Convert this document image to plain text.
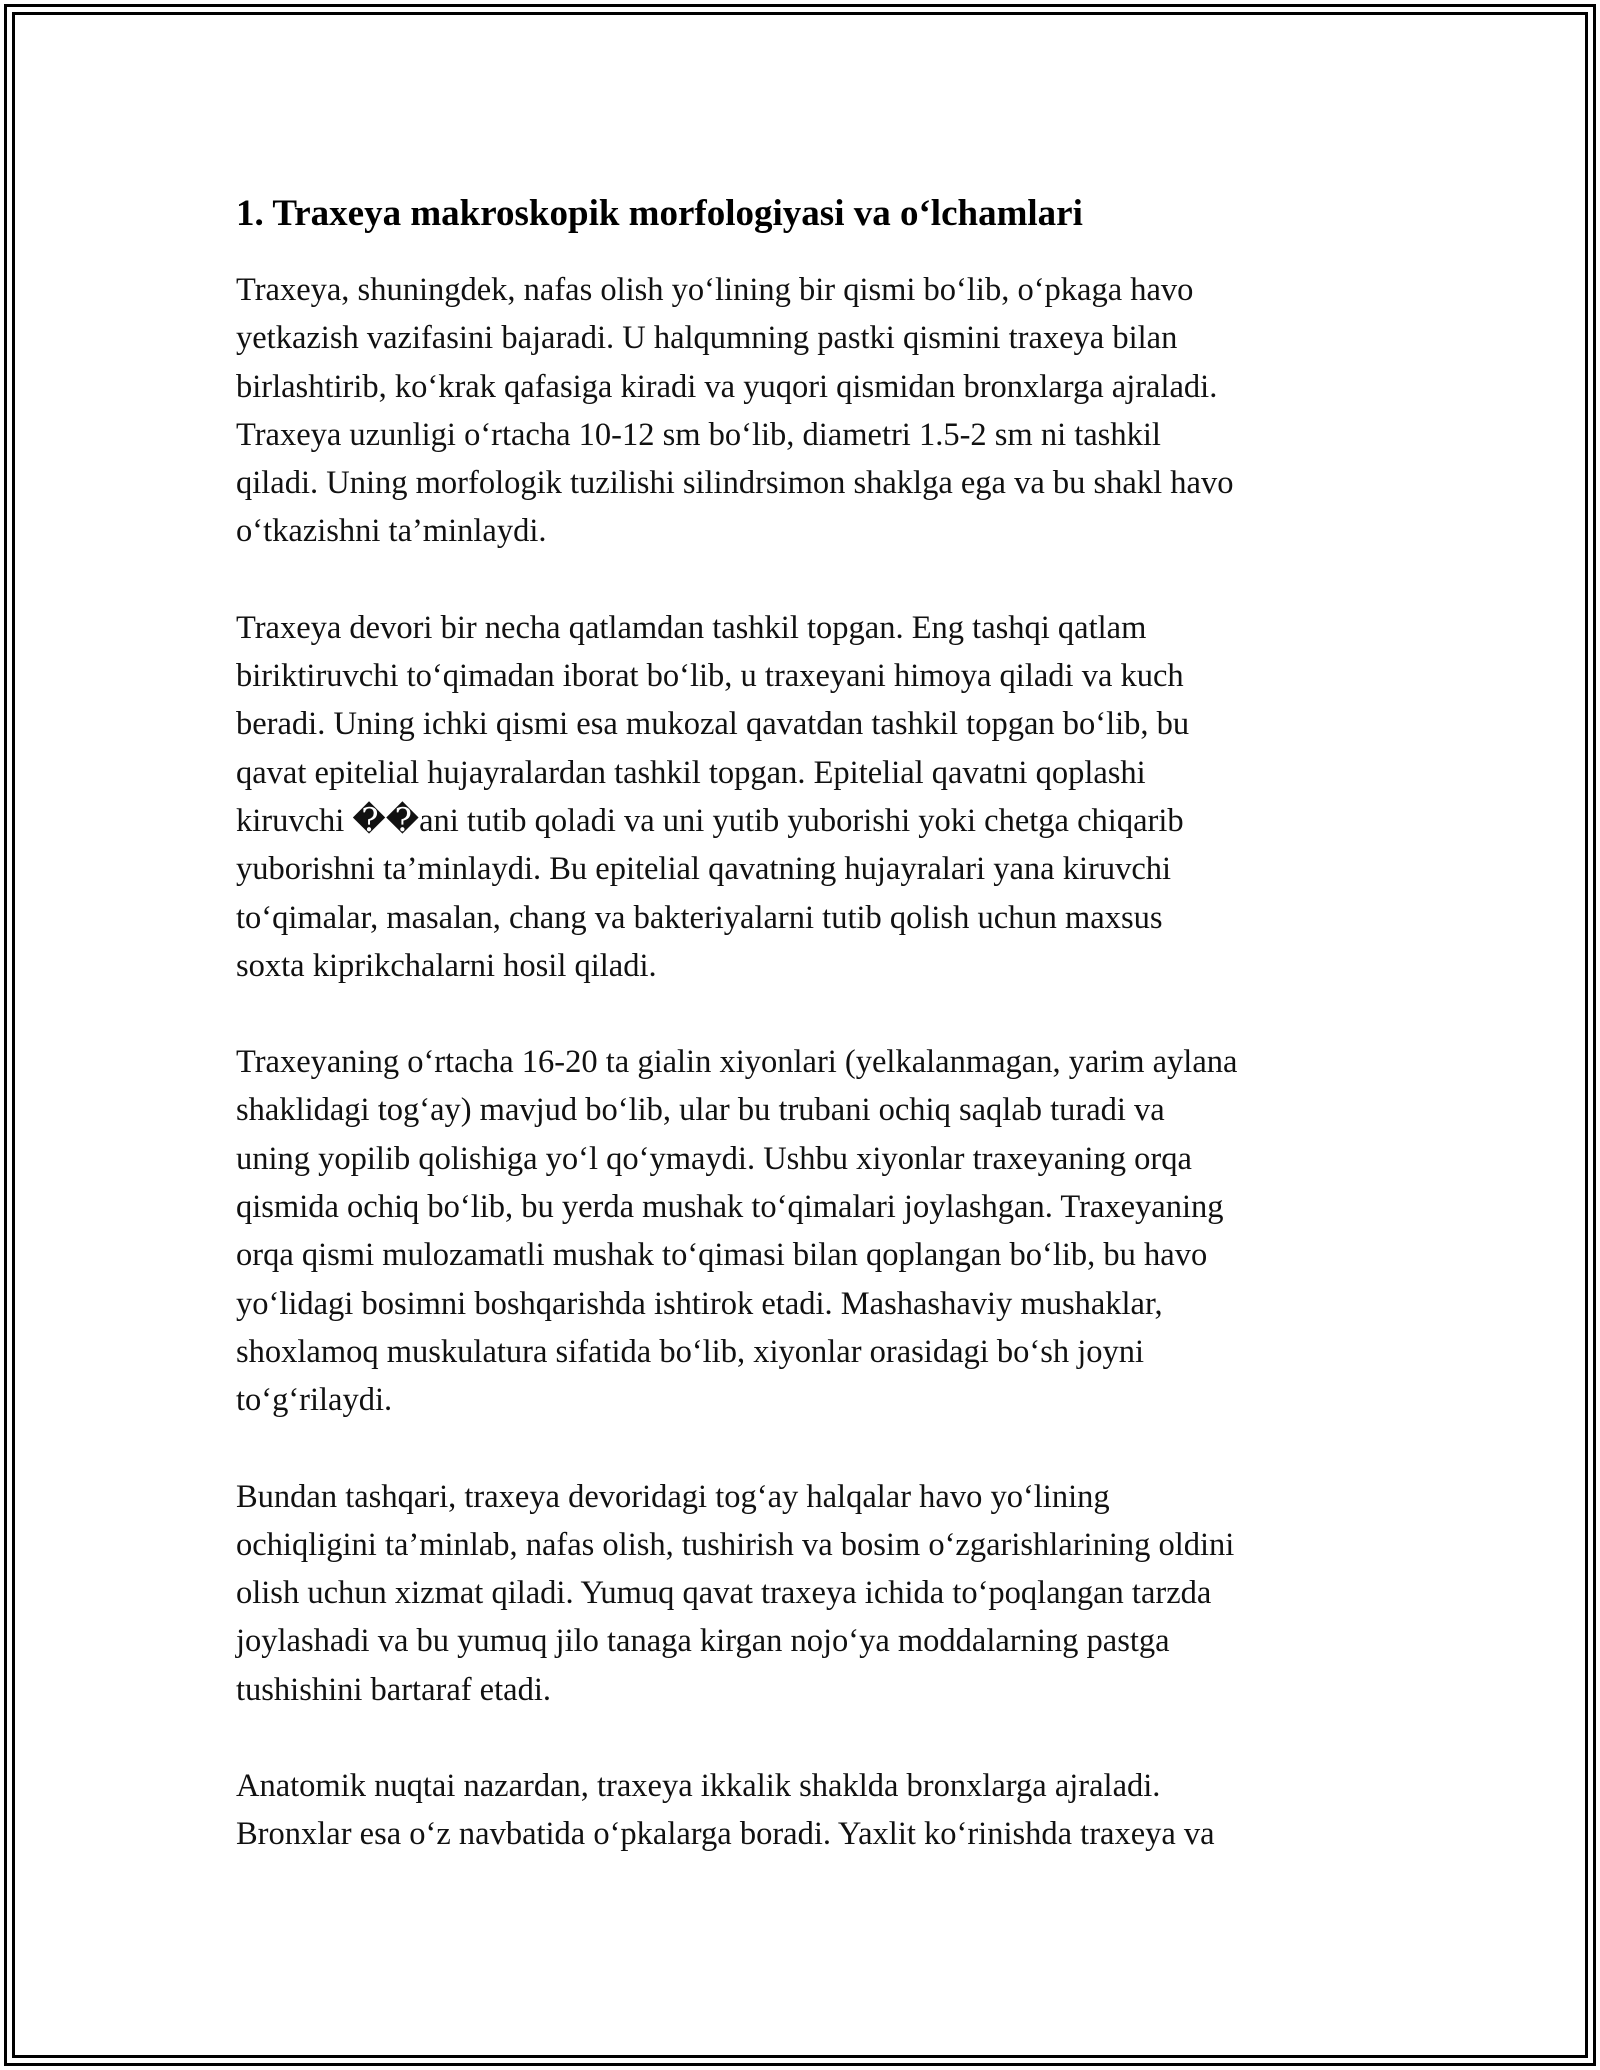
1. Traxeya makroskopik morfologiyasi va o‘lchamlari

Traxeya, shuningdek, nafas olish yo‘lining bir qismi bo‘lib, o‘pkaga havo
yetkazish vazifasini bajaradi. U halqumning pastki qismini traxeya bilan
birlashtirib, ko‘krak qafasiga kiradi va yuqori qismidan bronxlarga ajraladi.
Traxeya uzunligi o‘rtacha 10-12 sm bo‘lib, diametri 1.5-2 sm ni tashkil
qiladi. Uning morfologik tuzilishi silindrsimon shaklga ega va bu shakl havo
o‘tkazishni ta’minlaydi.

Traxeya devori bir necha qatlamdan tashkil topgan. Eng tashqi qatlam
biriktiruvchi to‘qimadan iborat bo‘lib, u traxeyani himoya qiladi va kuch
beradi. Uning ichki qismi esa mukozal qavatdan tashkil topgan bo‘lib, bu
qavat epitelial hujayralardan tashkil topgan. Epitelial qavatni qoplashi
kiruvchi ��ani tutib qoladi va uni yutib yuborishi yoki chetga chiqarib
yuborishni ta’minlaydi. Bu epitelial qavatning hujayralari yana kiruvchi
to‘qimalar, masalan, chang va bakteriyalarni tutib qolish uchun maxsus
soxta kiprikchalarni hosil qiladi.

Traxeyaning o‘rtacha 16-20 ta gialin xiyonlari (yelkalanmagan, yarim aylana
shaklidagi tog‘ay) mavjud bo‘lib, ular bu trubani ochiq saqlab turadi va
uning yopilib qolishiga yo‘l qo‘ymaydi. Ushbu xiyonlar traxeyaning orqa
qismida ochiq bo‘lib, bu yerda mushak to‘qimalari joylashgan. Traxeyaning
orqa qismi mulozamatli mushak to‘qimasi bilan qoplangan bo‘lib, bu havo
yo‘lidagi bosimni boshqarishda ishtirok etadi. Mashashaviy mushaklar,
shoxlamoq muskulatura sifatida bo‘lib, xiyonlar orasidagi bo‘sh joyni
to‘g‘rilaydi.

Bundan tashqari, traxeya devoridagi tog‘ay halqalar havo yo‘lining
ochiqligini ta’minlab, nafas olish, tushirish va bosim o‘zgarishlarining oldini
olish uchun xizmat qiladi. Yumuq qavat traxeya ichida to‘poqlangan tarzda
joylashadi va bu yumuq jilo tanaga kirgan nojo‘ya moddalarning pastga
tushishini bartaraf etadi.

Anatomik nuqtai nazardan, traxeya ikkalik shaklda bronxlarga ajraladi.
Bronxlar esa o‘z navbatida o‘pkalarga boradi. Yaxlit ko‘rinishda traxeya va
